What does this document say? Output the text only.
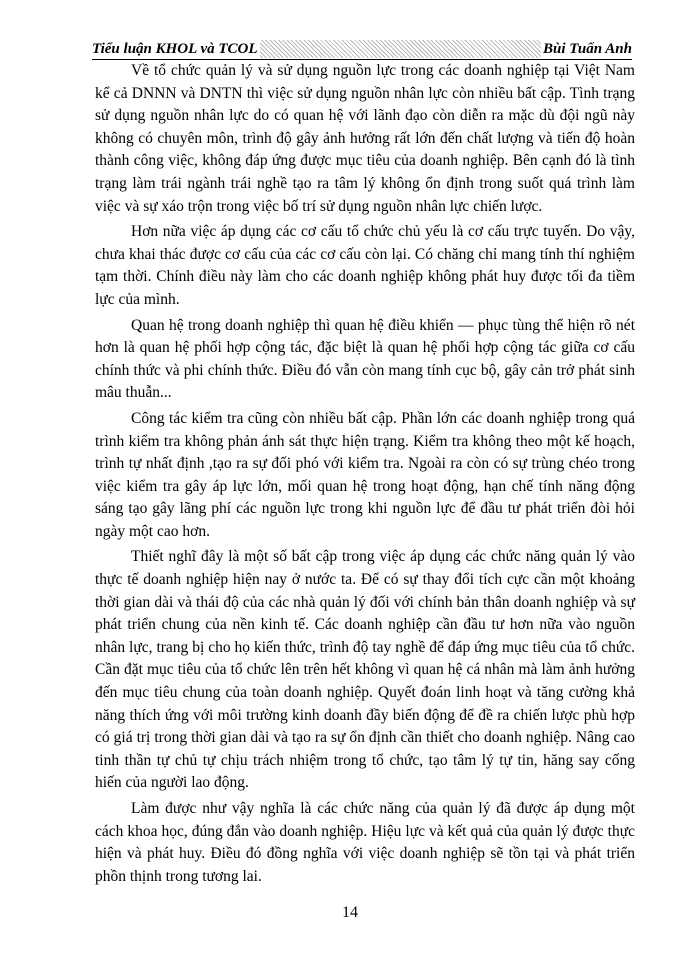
Tiểu luận KHOL và TCOL	Bùi Tuấn Anh

Về tổ chức quản lý và sử dụng nguồn lực trong các doanh nghiệp tại Việt Nam kể cả DNNN và DNTN thì việc sử dụng nguồn nhân lực còn nhiều bất cập. Tình trạng sử dụng nguồn nhân lực do có quan hệ với lãnh đạo còn diễn ra mặc dù đội ngũ này không có chuyên môn, trình độ gây ảnh hưởng rất lớn đến chất lượng và tiến độ hoàn thành công việc, không đáp ứng được mục tiêu của doanh nghiệp. Bên cạnh đó là tình trạng làm trái ngành trái nghề tạo ra tâm lý không ổn định trong suốt quá trình làm việc và sự xáo trộn trong việc bố trí sử dụng nguồn nhân lực chiến lược.

Hơn nữa việc áp dụng các cơ cấu tổ chức chủ yếu là cơ cấu trực tuyến. Do vậy, chưa khai thác được cơ cấu của các cơ cấu còn lại. Có chăng chỉ mang tính thí nghiệm tạm thời. Chính điều này làm cho các doanh nghiệp không phát huy được tối đa tiềm lực của mình.

Quan hệ trong doanh nghiệp thì quan hệ điều khiển — phục tùng thể hiện rõ nét hơn là quan hệ phối hợp cộng tác, đặc biệt là quan hệ phối hợp cộng tác giữa cơ cấu chính thức và phi chính thức. Điều đó vẫn còn mang tính cục bộ, gây cản trở phát sinh mâu thuẫn...

Công tác kiểm tra cũng còn nhiều bất cập. Phần lớn các doanh nghiệp trong quá trình kiểm tra không phản ánh sát thực hiện trạng. Kiểm tra không theo một kế hoạch, trình tự nhất định ,tạo ra sự đối phó với kiểm tra. Ngoài ra còn có sự trùng chéo trong việc kiểm tra gây áp lực lớn, mối quan hệ trong hoạt động, hạn chế tính năng động sáng tạo gây lãng phí các nguồn lực trong khi nguồn lực để đầu tư phát triển đòi hỏi ngày một cao hơn.

Thiết nghĩ đây là một số bất cập trong việc áp dụng các chức năng quản lý vào thực tế doanh nghiệp hiện nay ở nước ta. Để có sự thay đổi tích cực cần một khoảng thời gian dài và thái độ của các nhà quản lý đối với chính bản thân doanh nghiệp và sự phát triển chung của nền kinh tế. Các doanh nghiệp cần đầu tư hơn nữa vào nguồn nhân lực, trang bị cho họ kiến thức, trình độ tay nghề để đáp ứng mục tiêu của tổ chức. Cần đặt mục tiêu của tổ chức lên trên hết không vì quan hệ cá nhân mà làm ảnh hưởng đến mục tiêu chung của toàn doanh nghiệp. Quyết đoán linh hoạt và tăng cường khả năng thích ứng với môi trường kinh doanh đầy biến động để đề ra chiến lược phù hợp có giá trị trong thời gian dài và tạo ra sự ổn định cần thiết cho doanh nghiệp. Nâng cao tinh thần tự chủ tự chịu trách nhiệm trong tổ chức, tạo tâm lý tự tin, hăng say cống hiến của người lao động.

Làm được như vậy nghĩa là các chức năng của quản lý đã được áp dụng một cách khoa học, đúng đắn vào doanh nghiệp. Hiệu lực và kết quả của quản lý được thực hiện và phát huy. Điều đó đồng nghĩa với việc doanh nghiệp sẽ tồn tại và phát triển phồn thịnh trong tương lai.

14
